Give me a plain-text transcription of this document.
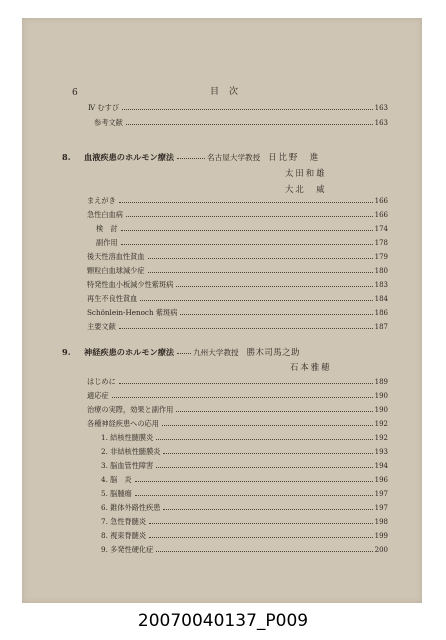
6	目次
Ⅳ むすび	163
参考文献	163
8.	血液疾患のホルモン療法	名古屋大学教授 日比野　進
太田和雄
大北　威
まえがき	166
急性白血病	166
検　討	174
副作用	178
後天性溶血性貧血	179
顆粒白血球減少症	180
特発性血小板減少性紫斑病	183
再生不良性貧血	184
Schönlein-Henoch 紫斑病	186
主要文献	187
9.	神経疾患のホルモン療法	九州大学教授 勝木司馬之助
石本雅穂
はじめに	189
適応症	190
治療の実際，効果と副作用	190
各種神経疾患への応用	192
1. 結核性髄膜炎	192
2. 非結核性髄膜炎	193
3. 脳血管性障害	194
4. 脳　炎	196
5. 脳腫瘍	197
6. 錐体外路性疾患	197
7. 急性脊髄炎	198
8. 視束脊髄炎	199
9. 多発性硬化症	200
20070040137_P009
